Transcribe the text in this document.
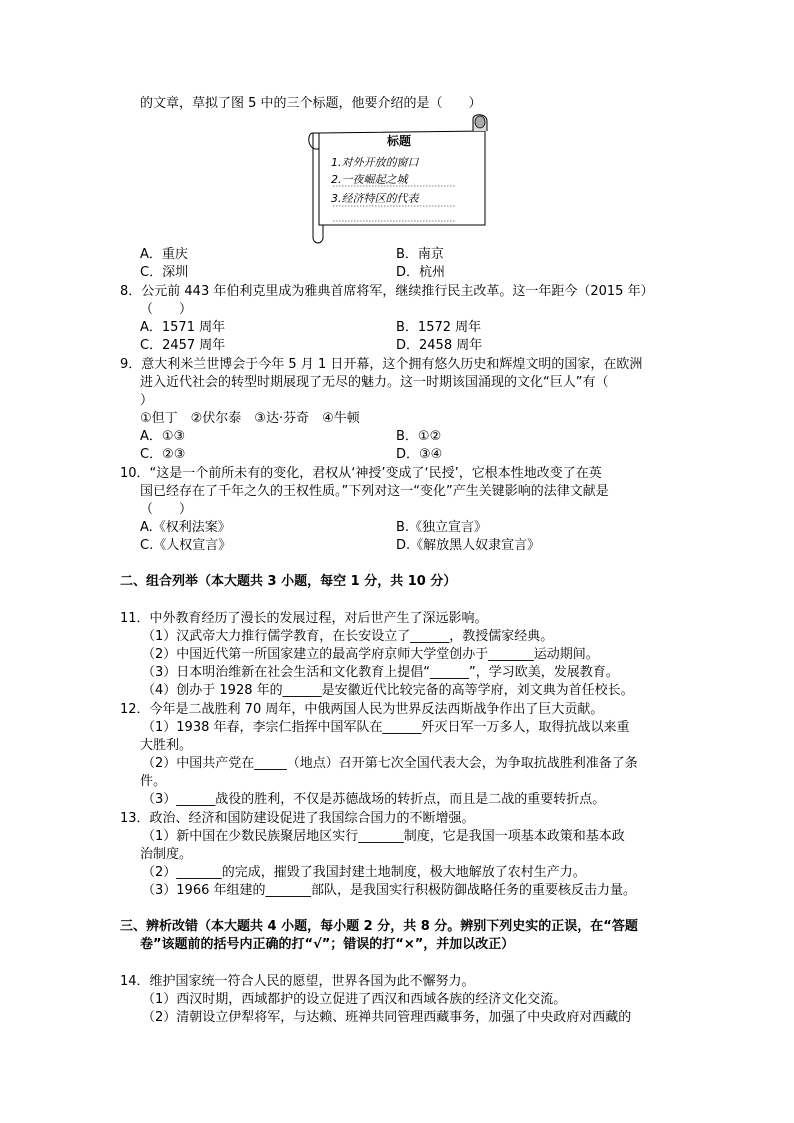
的文章，草拟了图 5 中的三个标题，他要介绍的是（　　）
标题
1.对外开放的窗口
2.一夜崛起之城
3.经济特区的代表
A．重庆	B．南京
C．深圳	D．杭州
8．公元前 443 年伯利克里成为雅典首席将军，继续推行民主改革。这一年距今（2015 年）
（　　）
A．1571 周年	B．1572 周年
C．2457 周年	D．2458 周年
9．意大利米兰世博会于今年 5 月 1 日开幕，这个拥有悠久历史和辉煌文明的国家，在欧洲
进入近代社会的转型时期展现了无尽的魅力。这一时期该国涌现的文化“巨人”有（
）
①但丁　②伏尔泰　③达·芬奇　④牛顿
A．①③	B．①②
C．②③	D．③④
10．“这是一个前所未有的变化，君权从‘神授’变成了‘民授’，它根本性地改变了在英
国已经存在了千年之久的王权性质。”下列对这一“变化”产生关键影响的法律文献是
（　　）
A.《权利法案》	B.《独立宣言》
C.《人权宣言》	D.《解放黑人奴隶宣言》
二、组合列举（本大题共 3 小题，每空 1 分，共 10 分）
11．中外教育经历了漫长的发展过程，对后世产生了深远影响。
（1）汉武帝大力推行儒学教育，在长安设立了______，教授儒家经典。
（2）中国近代第一所国家建立的最高学府京师大学堂创办于_______运动期间。
（3）日本明治维新在社会生活和文化教育上提倡“______”，学习欧美，发展教育。
（4）创办于 1928 年的______是安徽近代比较完备的高等学府，刘文典为首任校长。
12．今年是二战胜利 70 周年，中俄两国人民为世界反法西斯战争作出了巨大贡献。
（1）1938 年春，李宗仁指挥中国军队在______歼灭日军一万多人，取得抗战以来重
大胜利。
（2）中国共产党在_____（地点）召开第七次全国代表大会，为争取抗战胜利准备了条
件。
（3）______战役的胜利，不仅是苏德战场的转折点，而且是二战的重要转折点。
13．政治、经济和国防建设促进了我国综合国力的不断增强。
（1）新中国在少数民族聚居地区实行_______制度，它是我国一项基本政策和基本政
治制度。
（2）_______的完成，摧毁了我国封建土地制度，极大地解放了农村生产力。
（3）1966 年组建的_______部队，是我国实行积极防御战略任务的重要核反击力量。
三、辨析改错（本大题共 4 小题，每小题 2 分，共 8 分。辨别下列史实的正误，在“答题
卷”该题前的括号内正确的打“√”；错误的打“×”，并加以改正）
14．维护国家统一符合人民的愿望，世界各国为此不懈努力。
（1）西汉时期，西域都护的设立促进了西汉和西域各族的经济文化交流。
（2）清朝设立伊犁将军，与达赖、班禅共同管理西藏事务，加强了中央政府对西藏的
